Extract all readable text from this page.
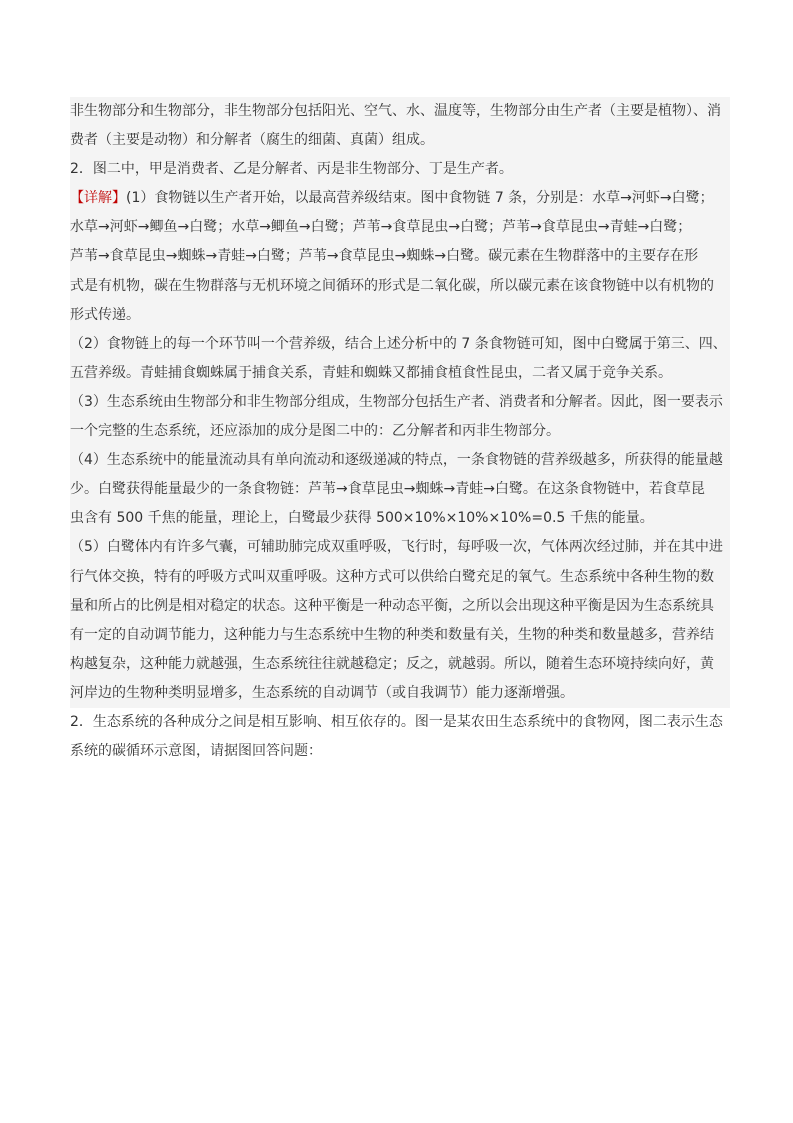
非生物部分和生物部分，非生物部分包括阳光、空气、水、温度等，生物部分由生产者（主要是植物）、消
费者（主要是动物）和分解者（腐生的细菌、真菌）组成。
2．图二中，甲是消费者、乙是分解者、丙是非生物部分、丁是生产者。
【详解】(1）食物链以生产者开始，以最高营养级结束。图中食物链 7 条，分别是：水草→河虾→白鹭；
水草→河虾→鲫鱼→白鹭；水草→鲫鱼→白鹭；芦苇→食草昆虫→白鹭；芦苇→食草昆虫→青蛙→白鹭；
芦苇→食草昆虫→蜘蛛→青蛙→白鹭；芦苇→食草昆虫→蜘蛛→白鹭。碳元素在生物群落中的主要存在形
式是有机物，碳在生物群落与无机环境之间循环的形式是二氧化碳，所以碳元素在该食物链中以有机物的
形式传递。
（2）食物链上的每一个环节叫一个营养级，结合上述分析中的 7 条食物链可知，图中白鹭属于第三、四、
五营养级。青蛙捕食蜘蛛属于捕食关系，青蛙和蜘蛛又都捕食植食性昆虫，二者又属于竞争关系。
（3）生态系统由生物部分和非生物部分组成，生物部分包括生产者、消费者和分解者。因此，图一要表示
一个完整的生态系统，还应添加的成分是图二中的：乙分解者和丙非生物部分。
（4）生态系统中的能量流动具有单向流动和逐级递减的特点，一条食物链的营养级越多，所获得的能量越
少。白鹭获得能量最少的一条食物链：芦苇→食草昆虫→蜘蛛→青蛙→白鹭。在这条食物链中，若食草昆
虫含有 500 千焦的能量，理论上，白鹭最少获得 500×10%×10%×10%=0.5 千焦的能量。
（5）白鹭体内有许多气囊，可辅助肺完成双重呼吸，飞行时，每呼吸一次，气体两次经过肺，并在其中进
行气体交换，特有的呼吸方式叫双重呼吸。这种方式可以供给白鹭充足的氧气。生态系统中各种生物的数
量和所占的比例是相对稳定的状态。这种平衡是一种动态平衡，之所以会出现这种平衡是因为生态系统具
有一定的自动调节能力，这种能力与生态系统中生物的种类和数量有关，生物的种类和数量越多，营养结
构越复杂，这种能力就越强，生态系统往往就越稳定；反之，就越弱。所以，随着生态环境持续向好，黄
河岸边的生物种类明显增多，生态系统的自动调节（或自我调节）能力逐渐增强。
2．生态系统的各种成分之间是相互影响、相互依存的。图一是某农田生态系统中的食物网，图二表示生态
系统的碳循环示意图，请据图回答问题：
